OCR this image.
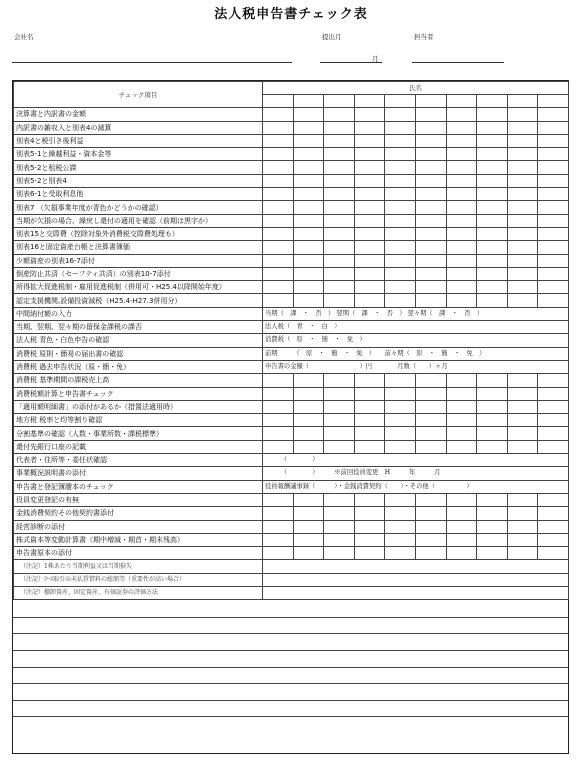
法人税申告書チェック表
会社名	提出月
月
担当者
チェック項目	氏名									

決算書と内訳書の金額										
内訳書の雑収入と別表4の減算										
別表4と税引き後利益										
別表5-1と繰越利益・資本金等										
別表5-2と租税公課										
別表5-2と別表4										
別表6-1と受取利息他										
別表7 （欠損事業年度が青色かどうかの確認）										
当期が欠損の場合、繰戻し還付の適用を確認（前期は黒字か）										
別表15と交際費（控除対象外消費税交際費処理も）										
別表16と固定資産台帳と決算書簿価										
少額資産の別表16-7添付										
倒産防止共済（セーフティ共済）の別表10-7添付										
所得拡大促進税制・雇用促進税制（併用可・H25.4以降開始年度）										
認定支援機関,設備投資減税（H25.4-H27.3併用分）										
中間納付額の入力	当期（　課　・　否　） 翌期（　課　・　否　） 翌々期（　課　・　否　）									
当期、翌期、翌々期の留保金課税の課否	法人税（　青　・　白　）									
法人税 青色・白色申告の確認	消費税（　原　・　簡　・　免　）									
消費税 原則・簡易の届出書の確認	前期　　　（　原　・　簡　・　免　）　　前々期（　原　・　簡　・　免　）									
消費税 過去申告状況（原・簡・免）	申告書の金額（　　　　　　　　）円　　　　月数（　　）ヶ月									
消費税 基準期間の課税売上高										
消費税額計算と申告書チェック										
「適用額明細書」の添付があるか（措置法適用時）										
地方税 税率と均等割り確認										
分割基準の確認（人数・事業所数・課税標準）										
還付先銀行口座の記載										
代表者・住所等・委任状確認	　　　（　　　　）									
事業概況説明書の添付	　　　（　　　　）　　　※前回役員変更　H　　　年　　　月									
申告書と登記簿謄本のチェック	役員報酬議事録（　　　）・金銭消費契約（　　）・その他（　　　　　）									
役員変更登記の有無										
金銭消費契約その他契約書添付										
経営診断の添付										
株式資本等変動計算書（期中増減・期首・期末残高）										
申告書原本の添付										
（注記）1株あたり当期利益又は当期損失										
（注記）ﾘｰｽ取引の未払賃借料の総額等（重要性が高い場合）										
（注記）棚卸資産、固定資産、有価証券の評価方法										
